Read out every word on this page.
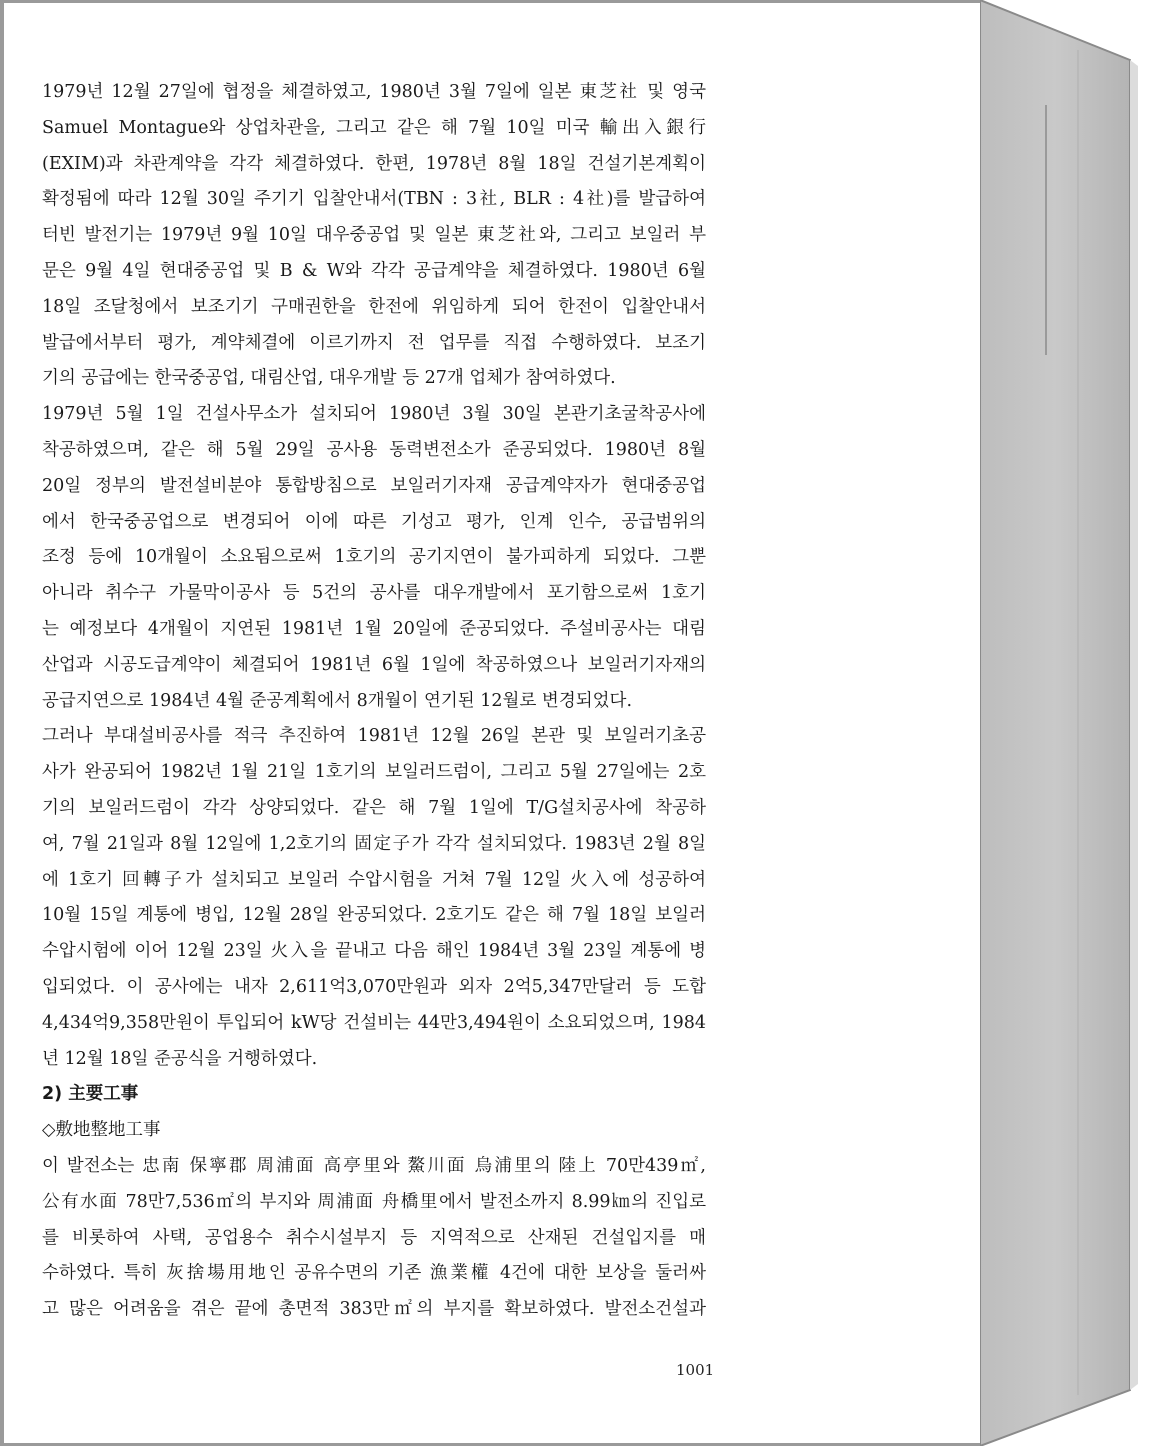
1979년 12월 27일에 협정을 체결하였고, 1980년 3월 7일에 일본 東芝社 및 영국
Samuel Montague와 상업차관을, 그리고 같은 해 7월 10일 미국 輸出入銀行
(EXIM)과 차관계약을 각각 체결하였다. 한편, 1978년 8월 18일 건설기본계획이
확정됨에 따라 12월 30일 주기기 입찰안내서(TBN : 3社, BLR : 4社)를 발급하여
터빈 발전기는 1979년 9월 10일 대우중공업 및 일본 東芝社와, 그리고 보일러 부
문은 9월 4일 현대중공업 및 B & W와 각각 공급계약을 체결하였다. 1980년 6월
18일 조달청에서 보조기기 구매권한을 한전에 위임하게 되어 한전이 입찰안내서
발급에서부터 평가, 계약체결에 이르기까지 전 업무를 직접 수행하였다. 보조기
기의 공급에는 한국중공업, 대림산업, 대우개발 등 27개 업체가 참여하였다.
1979년 5월 1일 건설사무소가 설치되어 1980년 3월 30일 본관기초굴착공사에
착공하였으며, 같은 해 5월 29일 공사용 동력변전소가 준공되었다. 1980년 8월
20일 정부의 발전설비분야 통합방침으로 보일러기자재 공급계약자가 현대중공업
에서 한국중공업으로 변경되어 이에 따른 기성고 평가, 인계 인수, 공급범위의
조정 등에 10개월이 소요됨으로써 1호기의 공기지연이 불가피하게 되었다. 그뿐
아니라 취수구 가물막이공사 등 5건의 공사를 대우개발에서 포기함으로써 1호기
는 예정보다 4개월이 지연된 1981년 1월 20일에 준공되었다. 주설비공사는 대림
산업과 시공도급계약이 체결되어 1981년 6월 1일에 착공하였으나 보일러기자재의
공급지연으로 1984년 4월 준공계획에서 8개월이 연기된 12월로 변경되었다.
그러나 부대설비공사를 적극 추진하여 1981년 12월 26일 본관 및 보일러기초공
사가 완공되어 1982년 1월 21일 1호기의 보일러드럼이, 그리고 5월 27일에는 2호
기의 보일러드럼이 각각 상양되었다. 같은 해 7월 1일에 T/G설치공사에 착공하
여, 7월 21일과 8월 12일에 1,2호기의 固定子가 각각 설치되었다. 1983년 2월 8일
에 1호기 回轉子가 설치되고 보일러 수압시험을 거쳐 7월 12일 火入에 성공하여
10월 15일 계통에 병입, 12월 28일 완공되었다. 2호기도 같은 해 7월 18일 보일러
수압시험에 이어 12월 23일 火入을 끝내고 다음 해인 1984년 3월 23일 계통에 병
입되었다. 이 공사에는 내자 2,611억3,070만원과 외자 2억5,347만달러 등 도합
4,434억9,358만원이 투입되어 kW당 건설비는 44만3,494원이 소요되었으며, 1984
년 12월 18일 준공식을 거행하였다.
2) 主要工事
◇敷地整地工事
이 발전소는 忠南 保寧郡 周浦面 高亭里와 鰲川面 烏浦里의 陸上 70만439㎡,
公有水面 78만7,536㎡의 부지와 周浦面 舟橋里에서 발전소까지 8.99㎞의 진입로
를 비롯하여 사택, 공업용수 취수시설부지 등 지역적으로 산재된 건설입지를 매
수하였다. 특히 灰捨場用地인 공유수면의 기존 漁業權 4건에 대한 보상을 둘러싸
고 많은 어려움을 겪은 끝에 총면적 383만㎡의 부지를 확보하였다. 발전소건설과
1001
